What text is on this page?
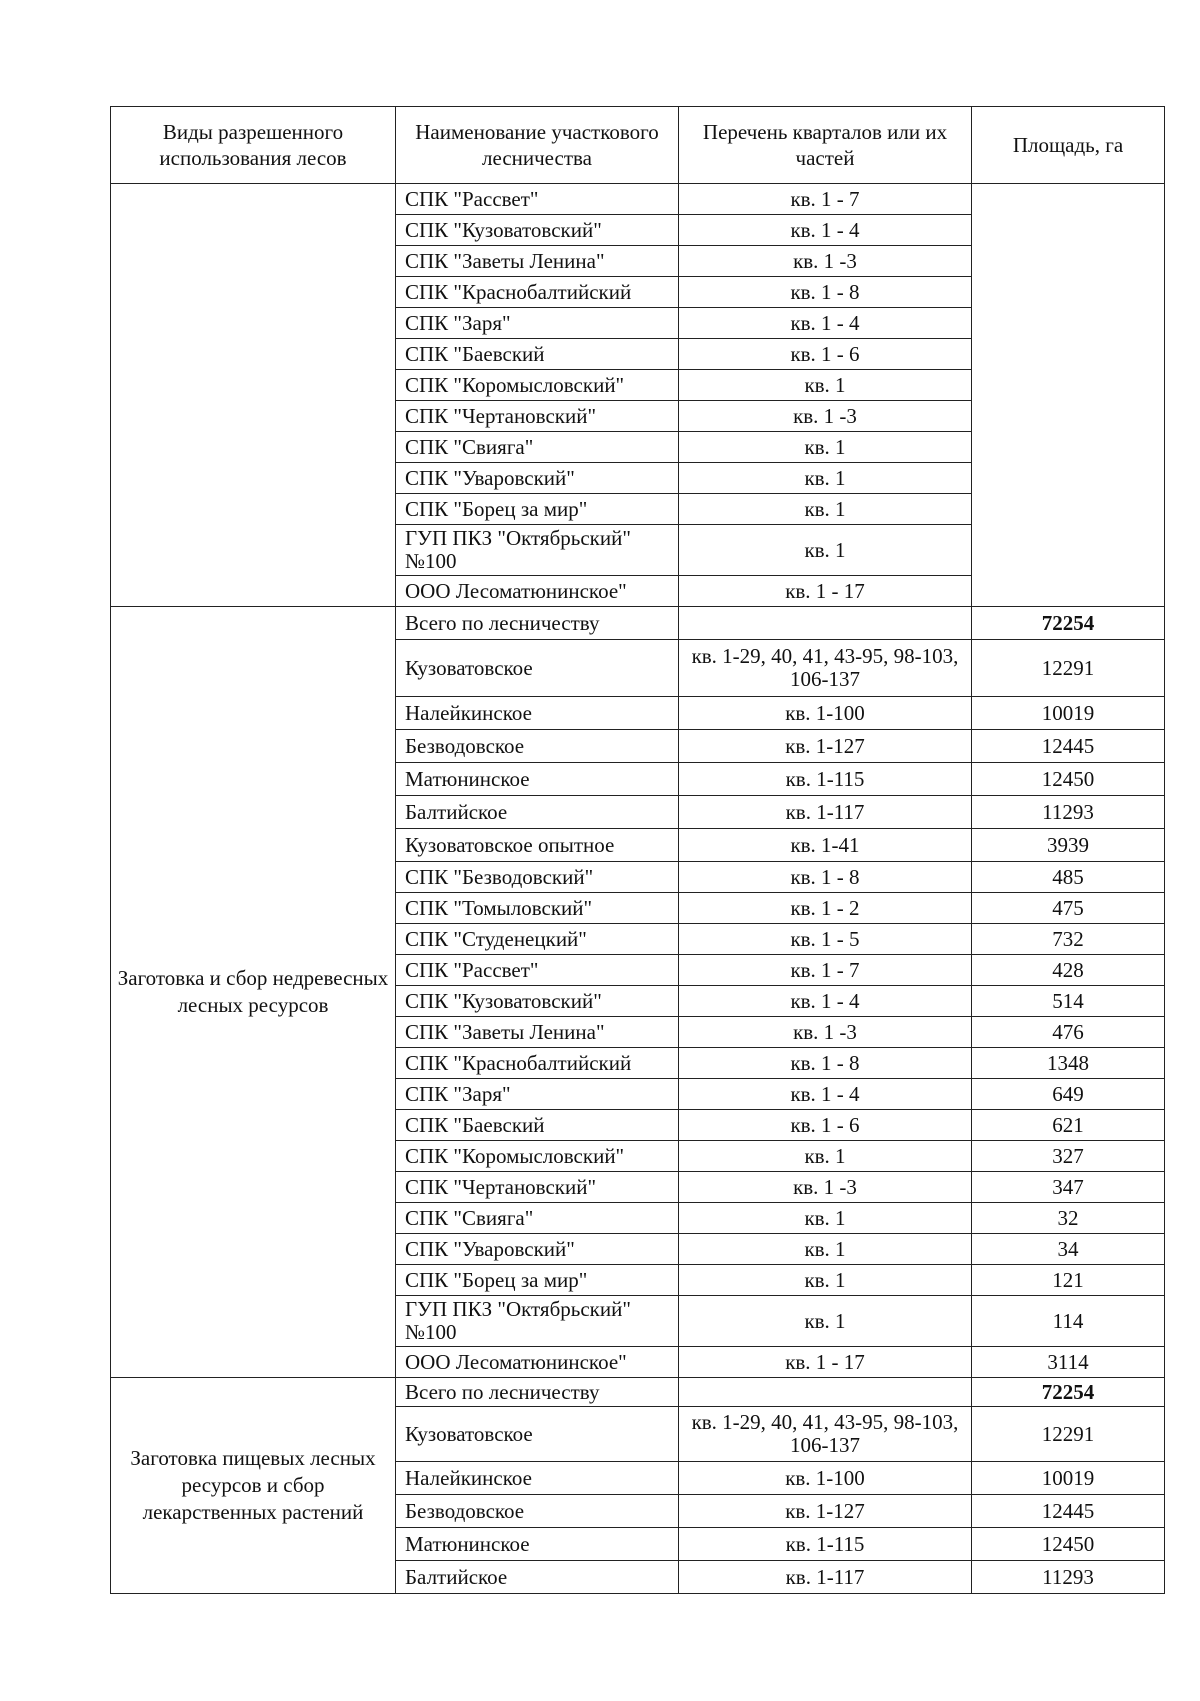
Виды разрешенного использования лесов	Наименование участкового лесничества	Перечень кварталов или их частей	Площадь, га
	СПК "Рассвет"	кв. 1 - 7	
	СПК "Кузоватовский"	кв. 1 - 4	
	СПК "Заветы Ленина"	кв. 1 -3	
	СПК "Краснобалтийский	кв. 1 - 8	
	СПК "Заря"	кв. 1 - 4	
	СПК "Баевский	кв. 1 - 6	
	СПК "Коромысловский"	кв. 1	
	СПК "Чертановский"	кв. 1 -3	
	СПК "Свияга"	кв. 1	
	СПК "Уваровский"	кв. 1	
	СПК "Борец за мир"	кв. 1	
	ГУП ПКЗ "Октябрьский" №100	кв. 1	
	ООО Лесоматюнинское"	кв. 1 - 17	
Заготовка и сбор недревесных лесных ресурсов	Всего по лесничеству		72254
	Кузоватовское	кв. 1-29, 40, 41, 43-95, 98-103, 106-137	12291
	Налейкинское	кв. 1-100	10019
	Безводовское	кв. 1-127	12445
	Матюнинское	кв. 1-115	12450
	Балтийское	кв. 1-117	11293
	Кузоватовское опытное	кв. 1-41	3939
	СПК "Безводовский"	кв. 1 - 8	485
	СПК "Томыловский"	кв. 1 - 2	475
	СПК "Студенецкий"	кв. 1 - 5	732
	СПК "Рассвет"	кв. 1 - 7	428
	СПК "Кузоватовский"	кв. 1 - 4	514
	СПК "Заветы Ленина"	кв. 1 -3	476
	СПК "Краснобалтийский	кв. 1 - 8	1348
	СПК "Заря"	кв. 1 - 4	649
	СПК "Баевский	кв. 1 - 6	621
	СПК "Коромысловский"	кв. 1	327
	СПК "Чертановский"	кв. 1 -3	347
	СПК "Свияга"	кв. 1	32
	СПК "Уваровский"	кв. 1	34
	СПК "Борец за мир"	кв. 1	121
	ГУП ПКЗ "Октябрьский" №100	кв. 1	114
	ООО Лесоматюнинское"	кв. 1 - 17	3114
Заготовка пищевых лесных ресурсов и сбор лекарственных растений	Всего по лесничеству		72254
	Кузоватовское	кв. 1-29, 40, 41, 43-95, 98-103, 106-137	12291
	Налейкинское	кв. 1-100	10019
	Безводовское	кв. 1-127	12445
	Матюнинское	кв. 1-115	12450
	Балтийское	кв. 1-117	11293
